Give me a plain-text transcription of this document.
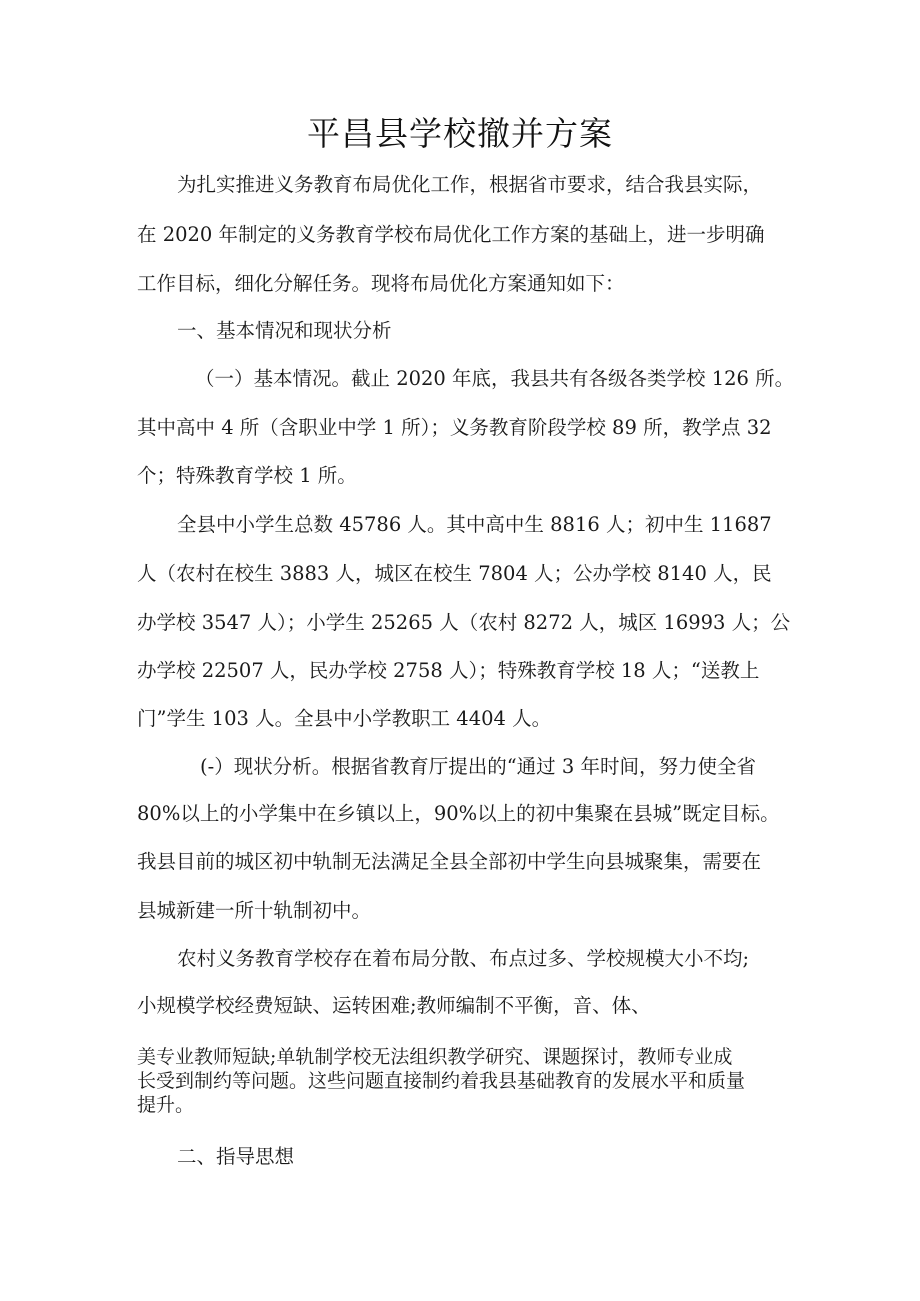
平昌县学校撤并方案
为扎实推进义务教育布局优化工作，根据省市要求，结合我县实际，
在 2020 年制定的义务教育学校布局优化工作方案的基础上，进一步明确
工作目标，细化分解任务。现将布局优化方案通知如下：
一、基本情况和现状分析
（一）基本情况。截止 2020 年底，我县共有各级各类学校 126 所。
其中高中 4 所（含职业中学 1 所）；义务教育阶段学校 89 所，教学点 32
个；特殊教育学校 1 所。
全县中小学生总数 45786 人。其中高中生 8816 人；初中生 11687
人（农村在校生 3883 人，城区在校生 7804 人；公办学校 8140 人，民
办学校 3547 人）；小学生 25265 人（农村 8272 人，城区 16993 人；公
办学校 22507 人，民办学校 2758 人）；特殊教育学校 18 人；“送教上
门”学生 103 人。全县中小学教职工 4404 人。
(-）现状分析。根据省教育厅提出的“通过 3 年时间，努力使全省
80%以上的小学集中在乡镇以上，90%以上的初中集聚在县城”既定目标。
我县目前的城区初中轨制无法满足全县全部初中学生向县城聚集，需要在
县城新建一所十轨制初中。
农村义务教育学校存在着布局分散、布点过多、学校规模大小不均;
小规模学校经费短缺、运转困难;教师编制不平衡，音、体、
美专业教师短缺;单轨制学校无法组织教学研究、课题探讨，教师专业成
长受到制约等问题。这些问题直接制约着我县基础教育的发展水平和质量
提升。
二、指导思想
